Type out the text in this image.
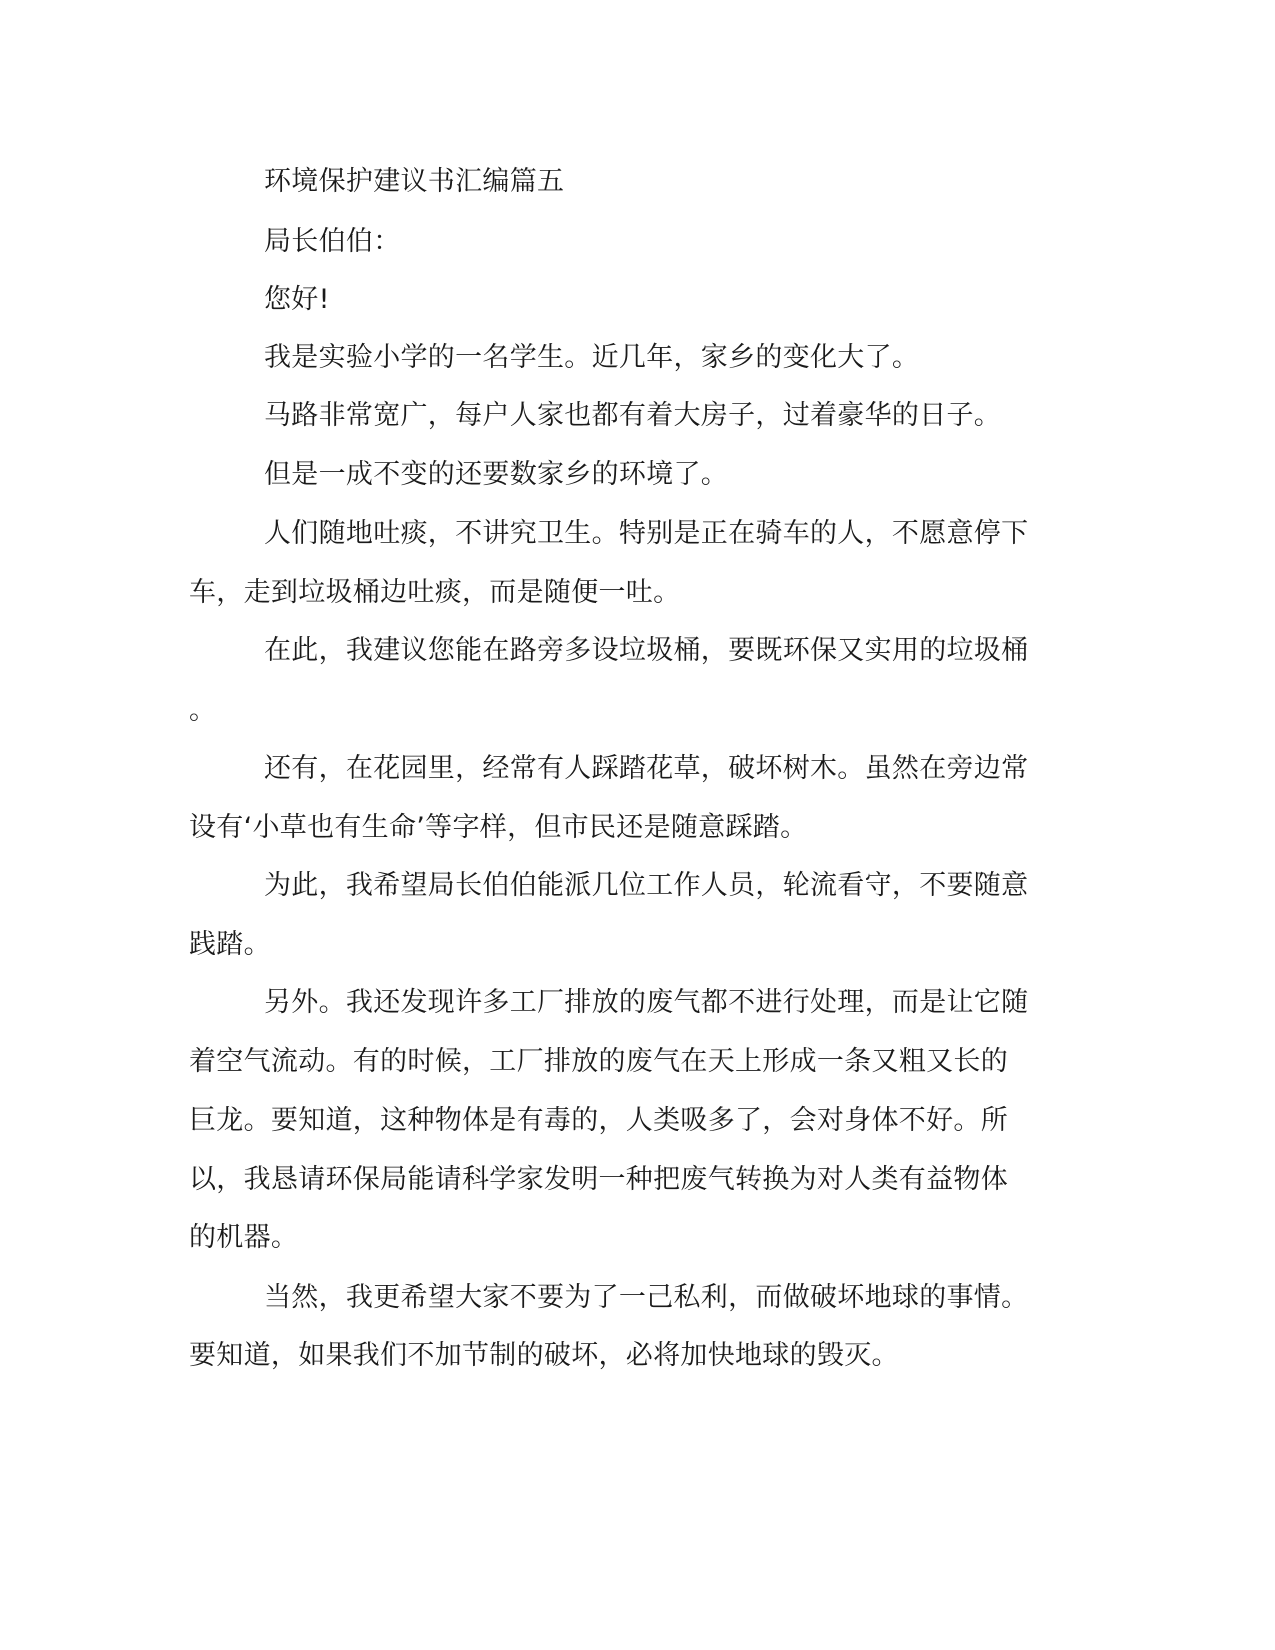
环境保护建议书汇编篇五
局长伯伯：
您好!
我是实验小学的一名学生。近几年，家乡的变化大了。
马路非常宽广，每户人家也都有着大房子，过着豪华的日子。
但是一成不变的还要数家乡的环境了。
人们随地吐痰，不讲究卫生。特别是正在骑车的人，不愿意停下
车，走到垃圾桶边吐痰，而是随便一吐。
在此，我建议您能在路旁多设垃圾桶，要既环保又实用的垃圾桶
。
还有，在花园里，经常有人踩踏花草，破坏树木。虽然在旁边常
设有‘小草也有生命’等字样，但市民还是随意踩踏。
为此，我希望局长伯伯能派几位工作人员，轮流看守，不要随意
践踏。
另外。我还发现许多工厂排放的废气都不进行处理，而是让它随
着空气流动。有的时候，工厂排放的废气在天上形成一条又粗又长的
巨龙。要知道，这种物体是有毒的，人类吸多了，会对身体不好。所
以，我恳请环保局能请科学家发明一种把废气转换为对人类有益物体
的机器。
当然，我更希望大家不要为了一己私利，而做破坏地球的事情。
要知道，如果我们不加节制的破坏，必将加快地球的毁灭。
